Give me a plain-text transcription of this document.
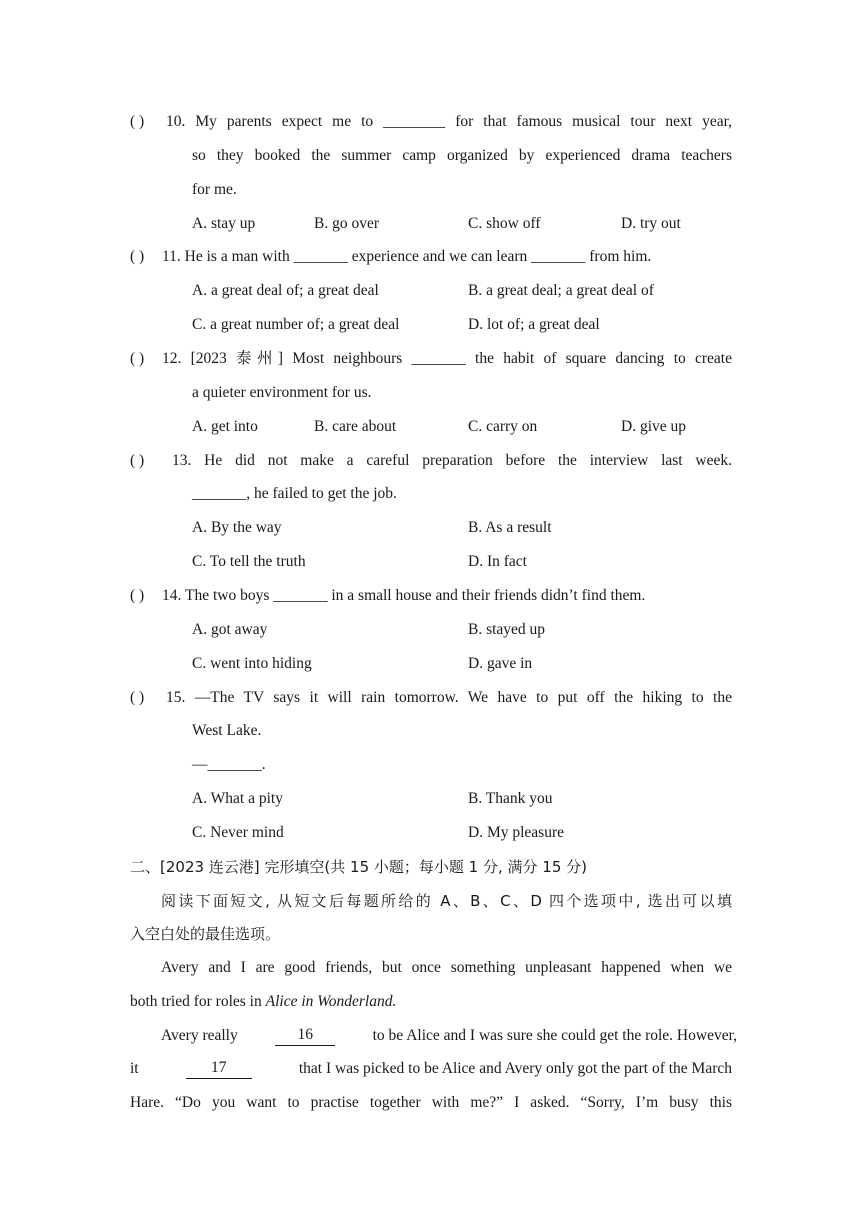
( ) 10. My parents expect me to ________ for that famous musical tour next year,
so they booked the summer camp organized by experienced drama teachers
for me.
A. stay up	B. go over	C. show off	D. try out
( ) 11. He is a man with _______ experience and we can learn _______ from him.
A. a great deal of; a great deal	B. a great deal; a great deal of
C. a great number of; a great deal	D. lot of; a great deal
( ) 12. [2023 泰州] Most neighbours _______ the habit of square dancing to create
a quieter environment for us.
A. get into	B. care about	C. carry on	D. give up
( ) 13. He did not make a careful preparation before the interview last week.
_______, he failed to get the job.
A. By the way	B. As a result
C. To tell the truth	D. In fact
( ) 14. The two boys _______ in a small house and their friends didn’t find them.
A. got away	B. stayed up
C. went into hiding	D. gave in
( ) 15. —The TV says it will rain tomorrow. We have to put off the hiking to the
West Lake.
—_______.
A. What a pity	B. Thank you
C. Never mind	D. My pleasure
二、[2023 连云港] 完形填空(共 15 小题；每小题 1 分, 满分 15 分)
阅读下面短文, 从短文后每题所给的 A、B、C、D 四个选项中, 选出可以填
入空白处的最佳选项。
Avery and I are good friends, but once something unpleasant happened when we
both tried for roles in Alice in Wonderland.
Avery really	16	to be Alice and I was sure she could get the role. However,
it	17	that I was picked to be Alice and Avery only got the part of the March
Hare. “Do you want to practise together with me?” I asked. “Sorry, I’m busy this
